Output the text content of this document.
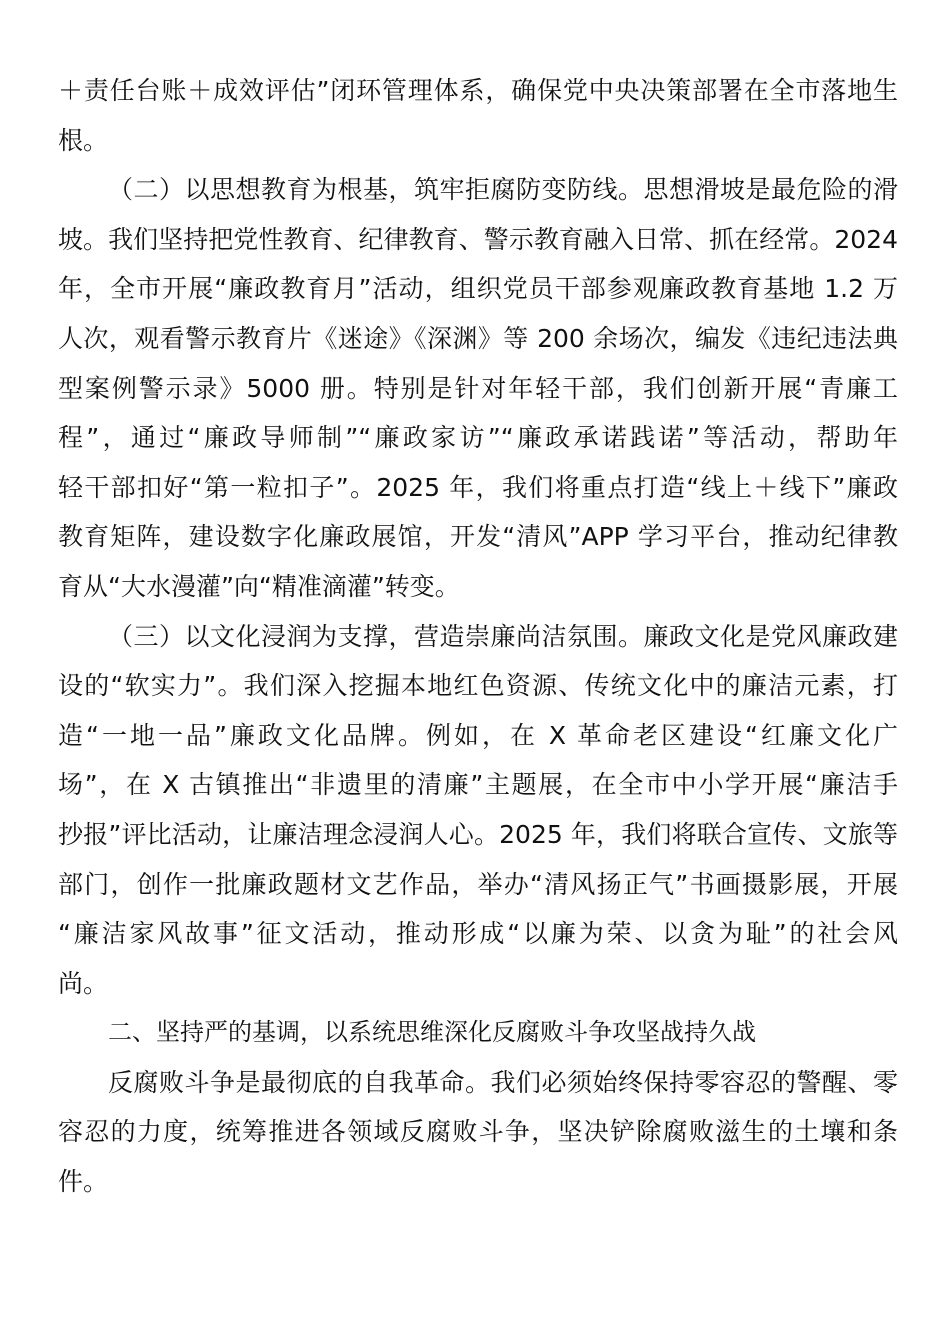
＋责任台账＋成效评估”闭环管理体系，确保党中央决策部署在全市落地生
根。
（二）以思想教育为根基，筑牢拒腐防变防线。思想滑坡是最危险的滑
坡。我们坚持把党性教育、纪律教育、警示教育融入日常、抓在经常。2024
年，全市开展“廉政教育月”活动，组织党员干部参观廉政教育基地 1.2 万
人次，观看警示教育片《迷途》《深渊》等 200 余场次，编发《违纪违法典
型案例警示录》5000 册。特别是针对年轻干部，我们创新开展“青廉工
程”，通过“廉政导师制”“廉政家访”“廉政承诺践诺”等活动，帮助年
轻干部扣好“第一粒扣子”。2025 年，我们将重点打造“线上＋线下”廉政
教育矩阵，建设数字化廉政展馆，开发“清风”APP 学习平台，推动纪律教
育从“大水漫灌”向“精准滴灌”转变。
（三）以文化浸润为支撑，营造崇廉尚洁氛围。廉政文化是党风廉政建
设的“软实力”。我们深入挖掘本地红色资源、传统文化中的廉洁元素，打
造“一地一品”廉政文化品牌。例如，在 X 革命老区建设“红廉文化广
场”，在 X 古镇推出“非遗里的清廉”主题展，在全市中小学开展“廉洁手
抄报”评比活动，让廉洁理念浸润人心。2025 年，我们将联合宣传、文旅等
部门，创作一批廉政题材文艺作品，举办“清风扬正气”书画摄影展，开展
“廉洁家风故事”征文活动，推动形成“以廉为荣、以贪为耻”的社会风
尚。
二、坚持严的基调，以系统思维深化反腐败斗争攻坚战持久战
反腐败斗争是最彻底的自我革命。我们必须始终保持零容忍的警醒、零
容忍的力度，统筹推进各领域反腐败斗争，坚决铲除腐败滋生的土壤和条
件。
